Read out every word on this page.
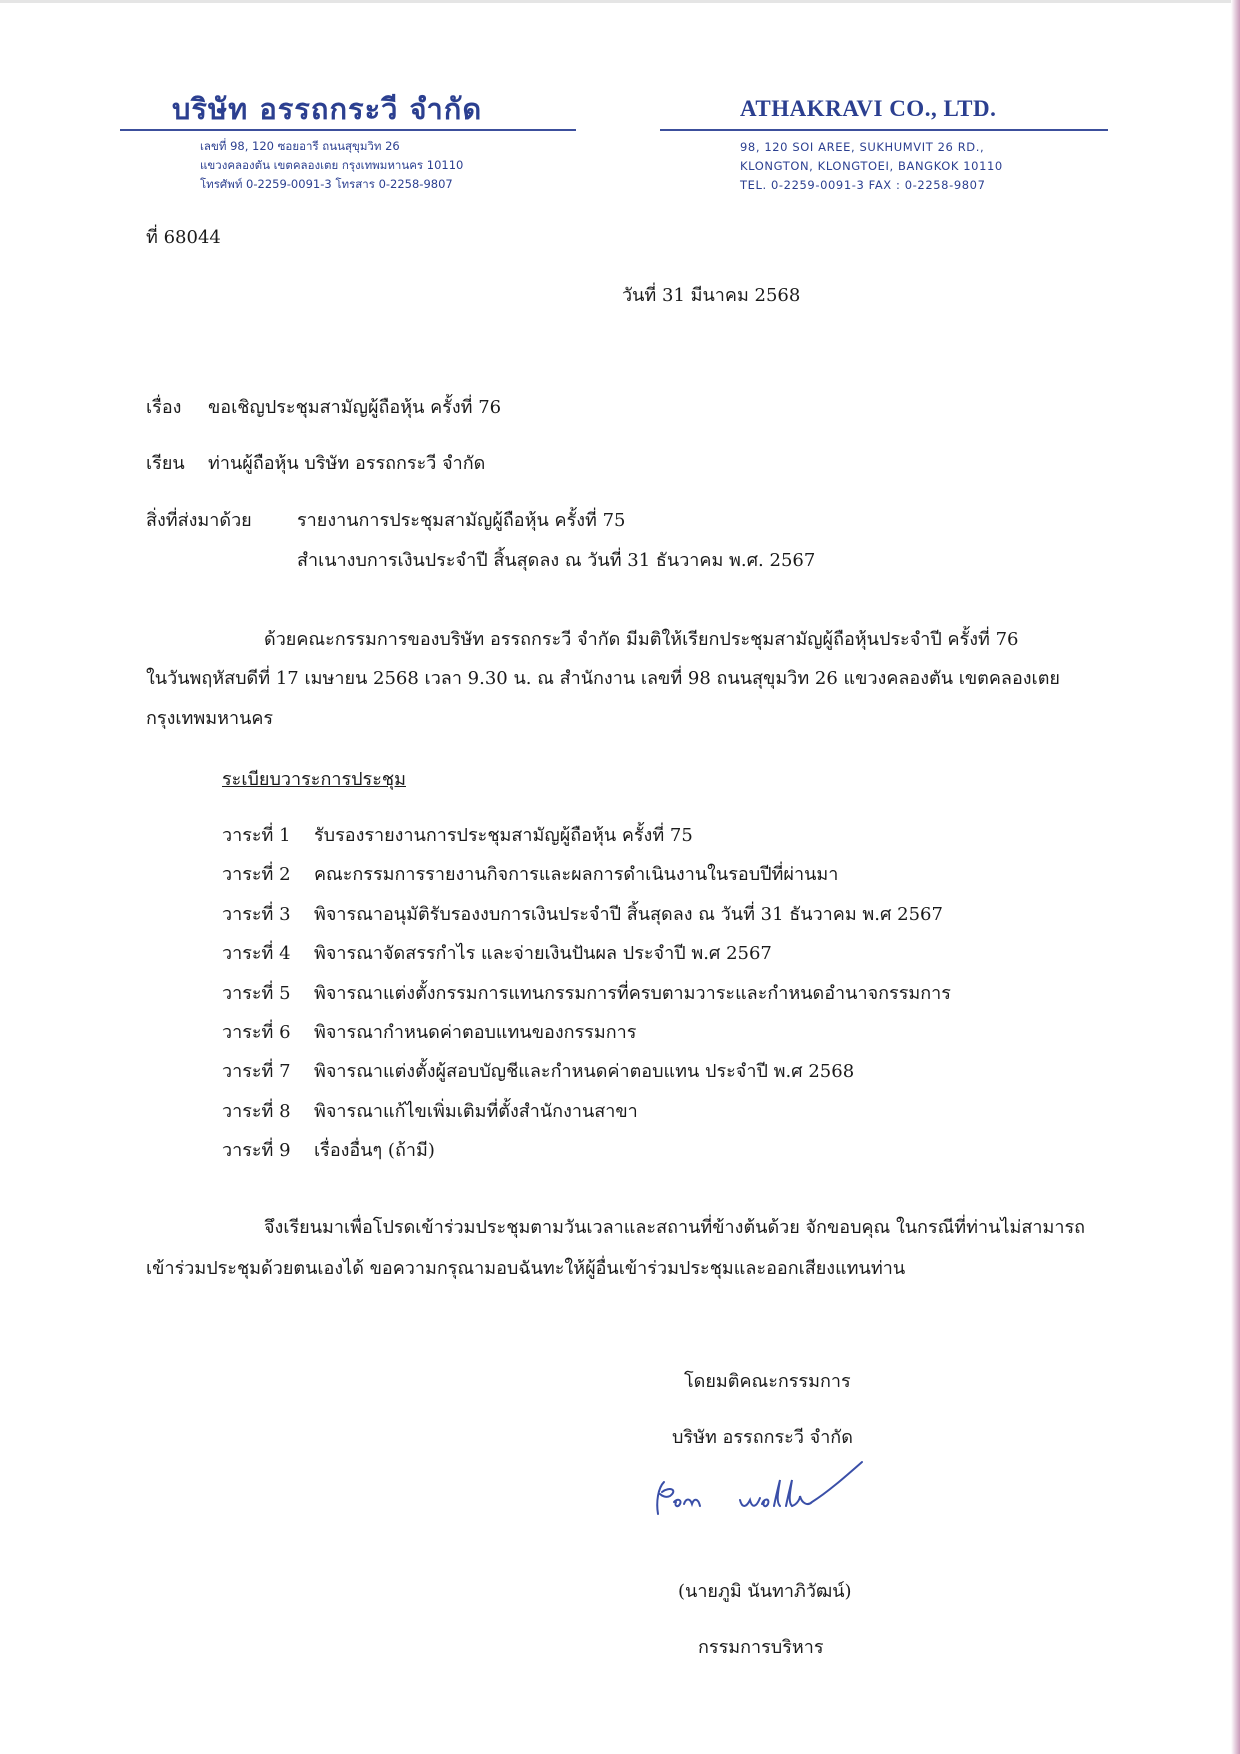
บริษัท อรรถกระวี จำกัด	ATHAKRAVI CO., LTD.
เลขที่ 98, 120 ซอยอารี ถนนสุขุมวิท 26
แขวงคลองตัน เขตคลองเตย กรุงเทพมหานคร 10110
โทรศัพท์ 0-2259-0091-3 โทรสาร 0-2258-9807
98, 120 SOI AREE, SUKHUMVIT 26 RD.,
KLONGTON, KLONGTOEI, BANGKOK 10110
TEL. 0-2259-0091-3 FAX : 0-2258-9807
ที่ 68044
วันที่ 31 มีนาคม 2568
เรื่อง ขอเชิญประชุมสามัญผู้ถือหุ้น ครั้งที่ 76
เรียน ท่านผู้ถือหุ้น บริษัท อรรถกระวี จำกัด
สิ่งที่ส่งมาด้วย	รายงานการประชุมสามัญผู้ถือหุ้น ครั้งที่ 75
สำเนางบการเงินประจำปี สิ้นสุดลง ณ วันที่ 31 ธันวาคม พ.ศ. 2567
ด้วยคณะกรรมการของบริษัท อรรถกระวี จำกัด มีมติให้เรียกประชุมสามัญผู้ถือหุ้นประจำปี ครั้งที่ 76
ในวันพฤหัสบดีที่ 17 เมษายน 2568 เวลา 9.30 น. ณ สำนักงาน เลขที่ 98 ถนนสุขุมวิท 26 แขวงคลองตัน เขตคลองเตย
กรุงเทพมหานคร
ระเบียบวาระการประชุม
วาระที่ 1 รับรองรายงานการประชุมสามัญผู้ถือหุ้น ครั้งที่ 75
วาระที่ 2 คณะกรรมการรายงานกิจการและผลการดำเนินงานในรอบปีที่ผ่านมา
วาระที่ 3 พิจารณาอนุมัติรับรองงบการเงินประจำปี สิ้นสุดลง ณ วันที่ 31 ธันวาคม พ.ศ 2567
วาระที่ 4 พิจารณาจัดสรรกำไร และจ่ายเงินปันผล ประจำปี พ.ศ 2567
วาระที่ 5 พิจารณาแต่งตั้งกรรมการแทนกรรมการที่ครบตามวาระและกำหนดอำนาจกรรมการ
วาระที่ 6 พิจารณากำหนดค่าตอบแทนของกรรมการ
วาระที่ 7 พิจารณาแต่งตั้งผู้สอบบัญชีและกำหนดค่าตอบแทน ประจำปี พ.ศ 2568
วาระที่ 8 พิจารณาแก้ไขเพิ่มเติมที่ตั้งสำนักงานสาขา
วาระที่ 9 เรื่องอื่นๆ (ถ้ามี)
จึงเรียนมาเพื่อโปรดเข้าร่วมประชุมตามวันเวลาและสถานที่ข้างต้นด้วย จักขอบคุณ ในกรณีที่ท่านไม่สามารถ
เข้าร่วมประชุมด้วยตนเองได้ ขอความกรุณามอบฉันทะให้ผู้อื่นเข้าร่วมประชุมและออกเสียงแทนท่าน
โดยมติคณะกรรมการ
บริษัท อรรถกระวี จำกัด
(นายภูมิ นันทาภิวัฒน์)
กรรมการบริหาร
